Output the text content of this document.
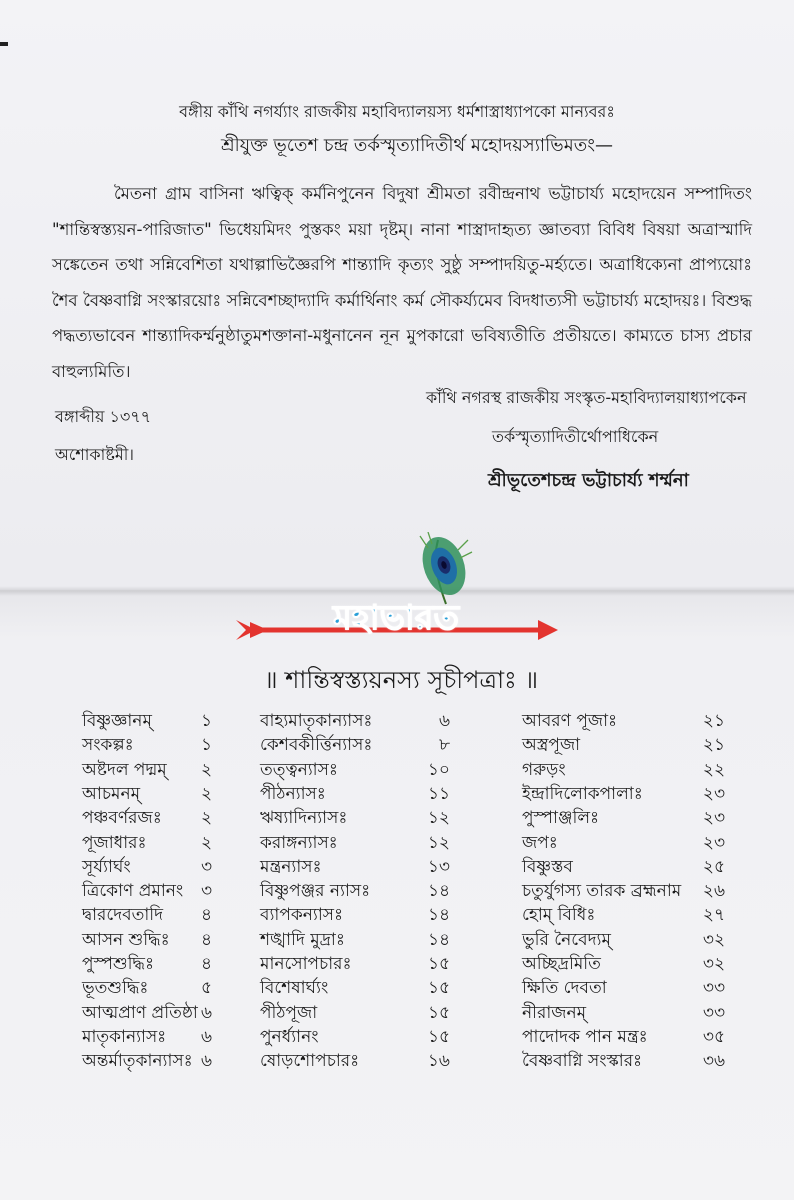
বঙ্গীয় কাঁথি নগর্য্যাং রাজকীয় মহাবিদ্যালয়স্য ধর্মশাস্ত্রাধ্যাপকো মান্যবরঃ
শ্রীযুক্ত ভূতেশ চন্দ্র তর্কস্মৃত্যাদিতীর্থ মহোদয়স্যাভিমতং—
মৈতনা গ্রাম বাসিনা ঋত্বিক্‌ কর্মনিপুনেন বিদুষা শ্রীমতা রবীন্দ্রনাথ ভট্টাচার্য্য মহোদয়েন সম্পাদিতং "শান্তিস্বস্ত্যয়ন-পারিজাত" ভিধেয়মিদং পুস্তকং ময়া দৃষ্টম্‌। নানা শাস্ত্রাদাহৃত্য জ্ঞাতব্যা বিবিধ বিষয়া অত্রাস্মাদি সঙ্কেতেন তথা সন্নিবেশিতা যথাল্পাভিজ্ঞৈরপি শান্ত্যাদি কৃত্যং সুষ্ঠু সম্পাদয়িতু-মর্হ্যতে। অত্রাধিক্যেনা প্রাপ্যয়োঃ শৈব বৈষ্ণবাগ্নি সংস্কারয়োঃ সন্নিবেশচ্ছাদ্যাদি কর্মার্থিনাং কর্ম সৌকর্য্যমেব বিদধাত্যসী ভট্টাচার্য্য মহোদয়ঃ। বিশুদ্ধ পদ্ধত্যভাবেন শান্ত্যাদিকর্ম্মনুষ্ঠাতুমশক্তানা-মধুনানেন নূন মুপকারো ভবিষ্যতীতি প্রতীয়তে। কাম্যতে চাস্য প্রচার বাহুল্যমিতি।
কাঁথি নগরস্থ রাজকীয় সংস্কৃত-মহাবিদ্যালয়াধ্যাপকেন
বঙ্গাব্দীয় ১৩৭৭
তর্কস্মৃত্যাদিতীর্থোপাধিকেন
অশোকাষ্টমী।
শ্রীভূতেশচন্দ্র ভট্টাচার্য্য শর্ম্মনা
মহাভারত
॥ শান্তিস্বস্ত্যয়নস্য সূচীপত্রাঃ ॥
বিষ্ণুজ্ঞানম্‌	১
সংকল্পঃ	১
অষ্টদল পদ্মম্‌	২
আচমনম্‌	২
পঞ্চবর্ণরজঃ	২
পূজাধারঃ	২
সূর্য্যার্ঘং	৩
ত্রিকোণ প্রমানং	৩
দ্বারদেবতাদি	৪
আসন শুদ্ধিঃ	৪
পুস্পশুদ্ধিঃ	৪
ভূতশুদ্ধিঃ	৫
আত্মপ্রাণ প্রতিষ্ঠা ৬
মাতৃকান্যাসঃ	৬
অন্তর্মাতৃকান্যাসঃ ৬
বাহ্যমাতৃকান্যাসঃ	৬
কেশবকীর্ত্তিন্যাসঃ	৮
তত্ত্বন্যাসঃ	১০
পীঠন্যাসঃ	১১
ঋষ্যাদিন্যাসঃ	১২
করাঙ্গন্যাসঃ	১২
মন্ত্রন্যাসঃ	১৩
বিষ্ণুপঞ্জর ন্যাসঃ	১৪
ব্যাপকন্যাসঃ	১৪
শঙ্খাদি মুদ্রাঃ	১৪
মানসোপচারঃ	১৫
বিশেষার্ঘ্যং	১৫
পীঠপূজা	১৫
পুনর্ধ্যানং	১৫
ষোড়শোপচারঃ	১৬
আবরণ পূজাঃ	২১
অস্ত্রপূজা	২১
গরুড়ং	২২
ইন্দ্রাদিলোকপালাঃ	২৩
পুস্পাঞ্জলিঃ	২৩
জপঃ	২৩
বিষ্ণুস্তব	২৫
চতুর্যুগস্য তারক ব্রহ্মনাম	২৬
হোম্‌ বিধিঃ	২৭
ভুরি নৈবেদ্যম্‌	৩২
অচ্ছিদ্রমিতি	৩২
ক্ষিতি দেবতা	৩৩
নীরাজনম্‌	৩৩
পাদোদক পান মন্ত্রঃ	৩৫
বৈষ্ণবাগ্নি সংস্কারঃ	৩৬
